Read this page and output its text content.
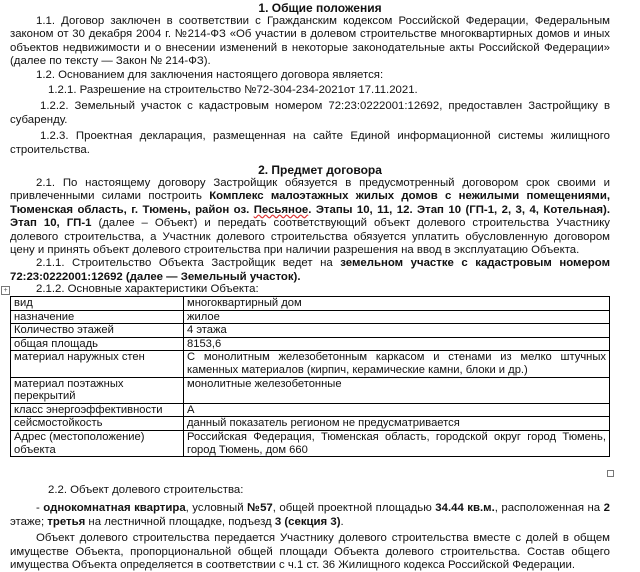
1. Общие положения

1.1. Договор заключен в соответствии с Гражданским кодексом Российской Федерации, Федеральным законом от 30 декабря 2004 г. №214-ФЗ «Об участии в долевом строительстве многоквартирных домов и иных объектов недвижимости и о внесении изменений в некоторые законодательные акты Российской Федерации» (далее по тексту — Закон № 214-ФЗ).

1.2. Основанием для заключения настоящего договора является:

1.2.1. Разрешение на строительство №72-304-234-2021от 17.11.2021.

1.2.2. Земельный участок с кадастровым номером 72:23:0222001:12692, предоставлен Застройщику в субаренду.

1.2.3. Проектная декларация, размещенная на сайте Единой информационной системы жилищного строительства.

2. Предмет договора

2.1. По настоящему договору Застройщик обязуется в предусмотренный договором срок своими и привлеченными силами построить Комплекс малоэтажных жилых домов с нежилыми помещениями, Тюменская область, г. Тюмень, район оз. Песьяное. Этапы 10, 11, 12. Этап 10 (ГП-1, 2, 3, 4, Котельная). Этап 10, ГП-1 (далее – Объект) и передать соответствующий объект долевого строительства Участнику долевого строительства, а Участник долевого строительства обязуется уплатить обусловленную договором цену и принять объект долевого строительства при наличии разрешения на ввод в эксплуатацию Объекта.

2.1.1. Строительство Объекта Застройщик ведет на земельном участке с кадастровым номером 72:23:0222001:12692 (далее — Земельный участок).

+ 2.1.2. Основные характеристики Объекта:

вид	многоквартирный дом
назначение	жилое
Количество этажей	4 этажа
общая площадь	8153,6
материал наружных стен	С монолитным железобетонным каркасом и стенами из мелко штучных каменных материалов (кирпич, керамические камни, блоки и др.)
материал поэтажных перекрытий	монолитные железобетонные
класс энергоэффективности	А
сейсмостойкость	данный показатель регионом не предусматривается
Адрес (местоположение) объекта	Российская Федерация, Тюменская область, городской округ город Тюмень, город Тюмень, дом 660

2.2. Объект долевого строительства:

- однокомнатная квартира, условный №57, общей проектной площадью 34.44 кв.м., расположенная на 2 этаже; третья на лестничной площадке, подъезд 3 (секция 3).

Объект долевого строительства передается Участнику долевого строительства вместе с долей в общем имуществе Объекта, пропорциональной общей площади Объекта долевого строительства. Состав общего имущества Объекта определяется в соответствии с ч.1 ст. 36 Жилищного кодекса Российской Федерации.
